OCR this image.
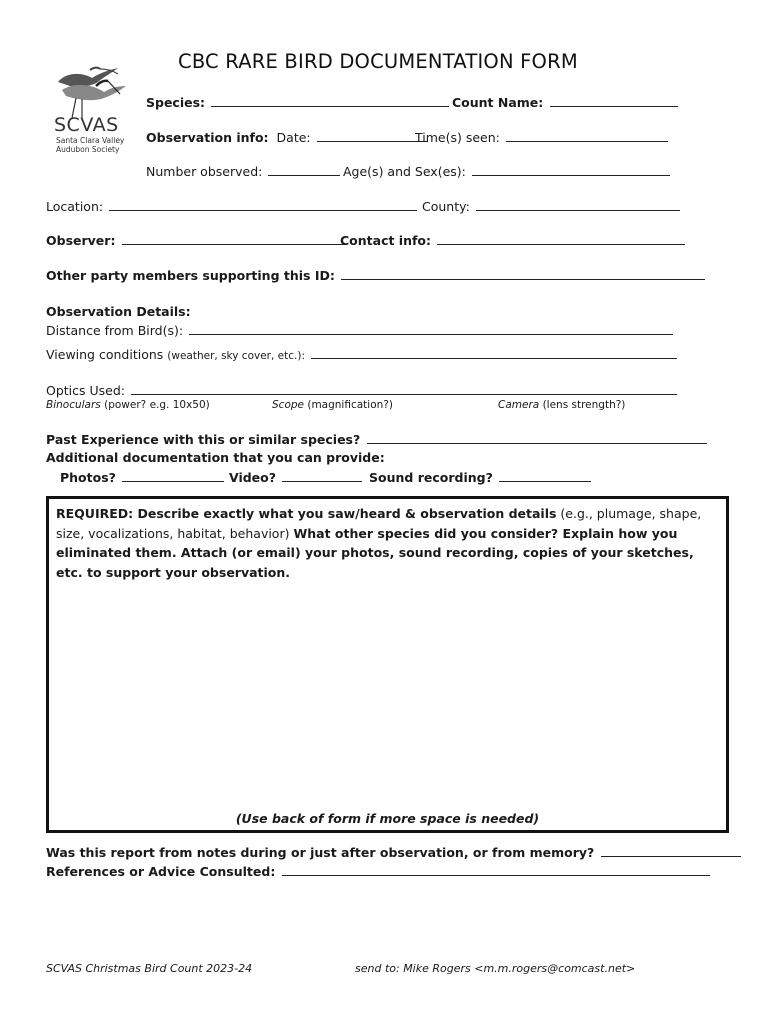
CBC RARE BIRD DOCUMENTATION FORM
SCVAS
Santa Clara Valley
Audubon Society
Species:	Count Name:
Observation info: Date:	Time(s) seen:
Number observed:	Age(s) and Sex(es):
Location:	County:
Observer:	Contact info:
Other party members supporting this ID:
Observation Details:
Distance from Bird(s):
Viewing conditions (weather, sky cover, etc.):
Optics Used:
Binoculars (power? e.g. 10x50)	Scope (magnification?)	Camera (lens strength?)
Past Experience with this or similar species?
Additional documentation that you can provide:
Photos?	Video?	Sound recording?
REQUIRED: Describe exactly what you saw/heard & observation details (e.g., plumage, shape, size, vocalizations, habitat, behavior) What other species did you consider? Explain how you eliminated them. Attach (or email) your photos, sound recording, copies of your sketches, etc. to support your observation.
(Use back of form if more space is needed)
Was this report from notes during or just after observation, or from memory?
References or Advice Consulted:
SCVAS Christmas Bird Count 2023-24	send to: Mike Rogers <m.m.rogers@comcast.net>
